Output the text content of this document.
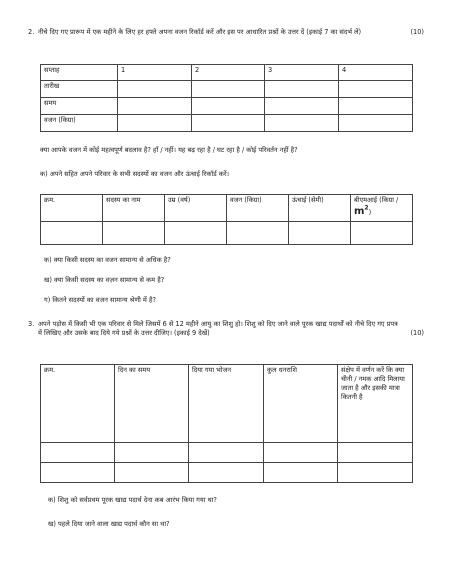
2. नीचे दिए गए प्रारूप में एक महीने के लिए हर हफ्ते अपना वजन रिकॉर्ड करें और इस पर आधारित प्रश्नों के उत्तर दें (इकाई 7 का संदर्भ लें)	(10)
सप्ताह	1	2	3	4
तारीख				
समय				
वजन (किग्रा)				
क्या आपके वजन में कोई महत्वपूर्ण बदलाव है? हाँ / नहीं। यह बढ़ रहा है / घट रहा है / कोई परिवर्तन नहीं है?
क) अपने सहित अपने परिवार के सभी सदस्यों का वजन और ऊंचाई रिकॉर्ड करें।
क्रम.	सदस्य का नाम	उम्र (वर्ष)	वजन (किग्रा)	ऊंचाई (सेमी)	बीएमआई (किग्रा / $m^2$)

क) क्या किसी सदस्य का वजन सामान्य से अधिक है?
ख) क्या किसी सदस्य का वज़न सामान्य से कम है?
ग) कितने सदस्यों का वजन सामान्य श्रेणी में है?
3. अपने पड़ोस में किसी भी एक परिवार से मिले जिसमें 6 से 12 महीने आयु का शिशु हो। शिशु को दिए जाने वाले पूरक खाद्य पदार्थों को नीचे दिए गए प्रपत्र में लिखिए और उसके बाद दिये गये प्रश्नों के उत्तर दीजिए। (इकाई 9 देखें)	(10)
क्रम.	दिन का समय	दिया गया भोजन	कुल धनराशि	संक्षेप में वर्णन करें कि क्या चीनी / नमक आदि मिलाया जाता है और इसकी मात्रा कितनी है

क) शिशु को सर्वप्रथम पूरक खाद्य पदार्थ देना कब आरंभ किया गया था?
ख) पहले दिया जाने वाला खाद्य पदार्थ कौन सा था?
